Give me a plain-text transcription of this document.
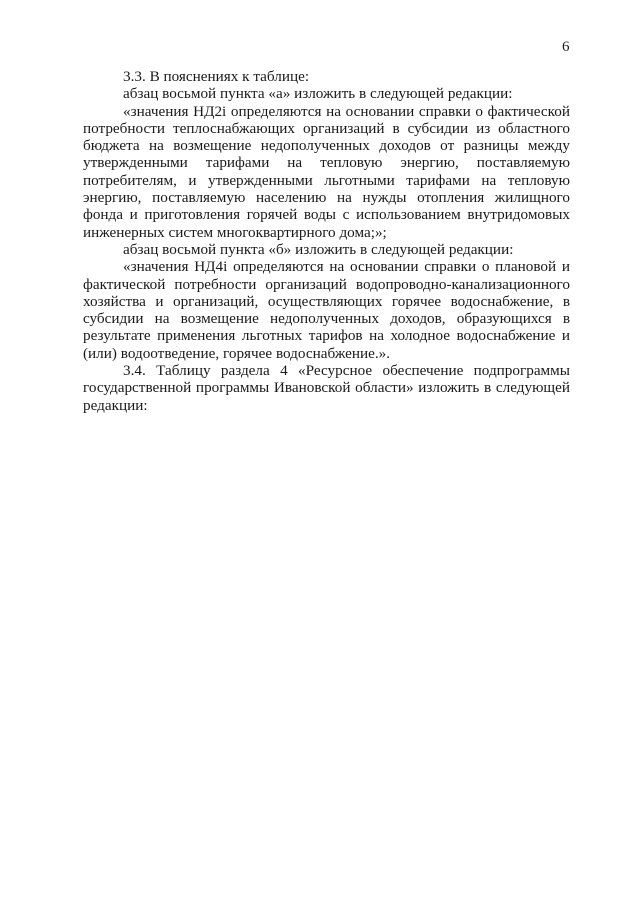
6

3.3. В пояснениях к таблице:

абзац восьмой пункта «а» изложить в следующей редакции:

«значения НД2i определяются на основании справки о фактической потребности теплоснабжающих организаций в субсидии из областного бюджета на возмещение недополученных доходов от разницы между утвержденными тарифами на тепловую энергию, поставляемую потребителям, и утвержденными льготными тарифами на тепловую энергию, поставляемую населению на нужды отопления жилищного фонда и приготовления горячей воды с использованием внутридомовых инженерных систем многоквартирного дома;»;

абзац восьмой пункта «б» изложить в следующей редакции:

«значения НД4i определяются на основании справки о плановой и фактической потребности организаций водопроводно-канализационного хозяйства и организаций, осуществляющих горячее водоснабжение, в субсидии на возмещение недополученных доходов, образующихся в результате применения льготных тарифов на холодное водоснабжение и (или) водоотведение, горячее водоснабжение.».

3.4. Таблицу раздела 4 «Ресурсное обеспечение подпрограммы государственной программы Ивановской области» изложить в следующей редакции:
